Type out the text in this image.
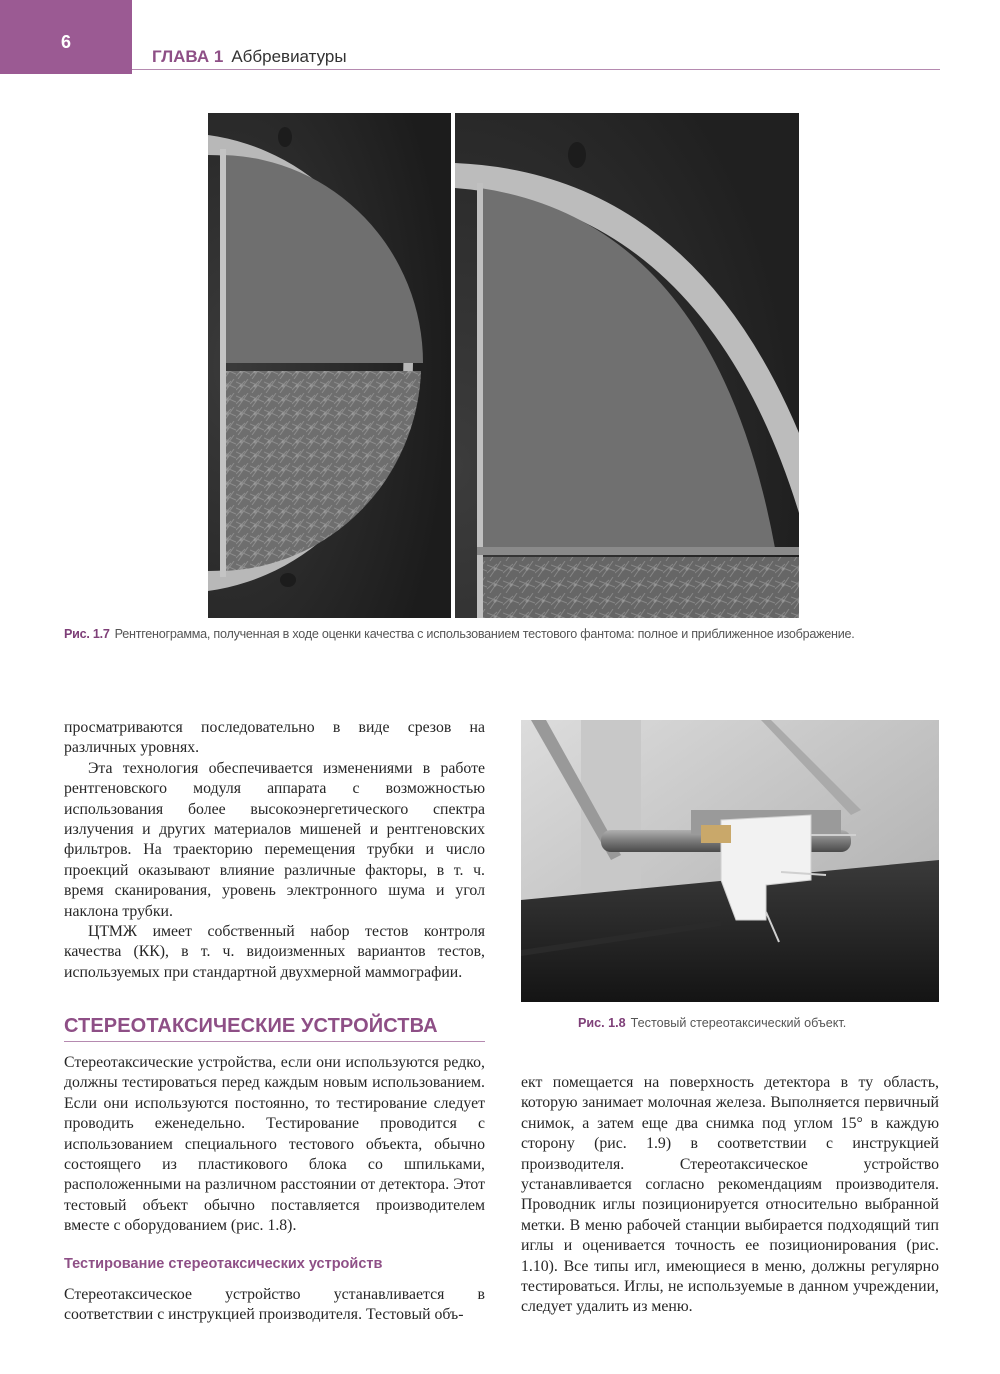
6
ГЛАВА 1 Аббревиатуры
Рис. 1.7 Рентгенограмма, полученная в ходе оценки качества с использованием тестового фантома: полное и приближенное изображение.

просматриваются последовательно в виде срезов на различных уровнях.

Эта технология обеспечивается изменениями в работе рентгеновского модуля аппарата с возможностью использования более высокоэнергетического спектра излучения и других материалов мишеней и рентгеновских фильтров. На траекторию перемещения трубки и число проекций оказывают влияние различные факторы, в т. ч. время сканирования, уровень электронного шума и угол наклона трубки.

ЦТМЖ имеет собственный набор тестов контроля качества (КК), в т. ч. видоизменных вариантов тестов, используемых при стандартной двухмерной маммографии.

Рис. 1.8 Тестовый стереотаксический объект.
СТЕРЕОТАКСИЧЕСКИЕ УСТРОЙСТВА

Стереотаксические устройства, если они используются редко, должны тестироваться перед каждым новым использованием. Если они используются постоянно, то тестирование следует проводить еженедельно. Тестирование проводится с использованием специального тестового объекта, обычно состоящего из пластикового блока со шпильками, расположенными на различном расстоянии от детектора. Этот тестовый объект обычно поставляется производителем вместе с оборудованием (рис. 1.8).

Тестирование стереотаксических устройств

Стереотаксическое устройство устанавливается в соответствии с инструкцией производителя. Тестовый объ-

ект помещается на поверхность детектора в ту область, которую занимает молочная железа. Выполняется первичный снимок, а затем еще два снимка под углом 15° в каждую сторону (рис. 1.9) в соответствии с инструкцией производителя. Стереотаксическое устройство устанавливается согласно рекомендациям производителя. Проводник иглы позиционируется относительно выбранной метки. В меню рабочей станции выбирается подходящий тип иглы и оценивается точность ее позиционирования (рис. 1.10). Все типы игл, имеющиеся в меню, должны регулярно тестироваться. Иглы, не используемые в данном учреждении, следует удалить из меню.
